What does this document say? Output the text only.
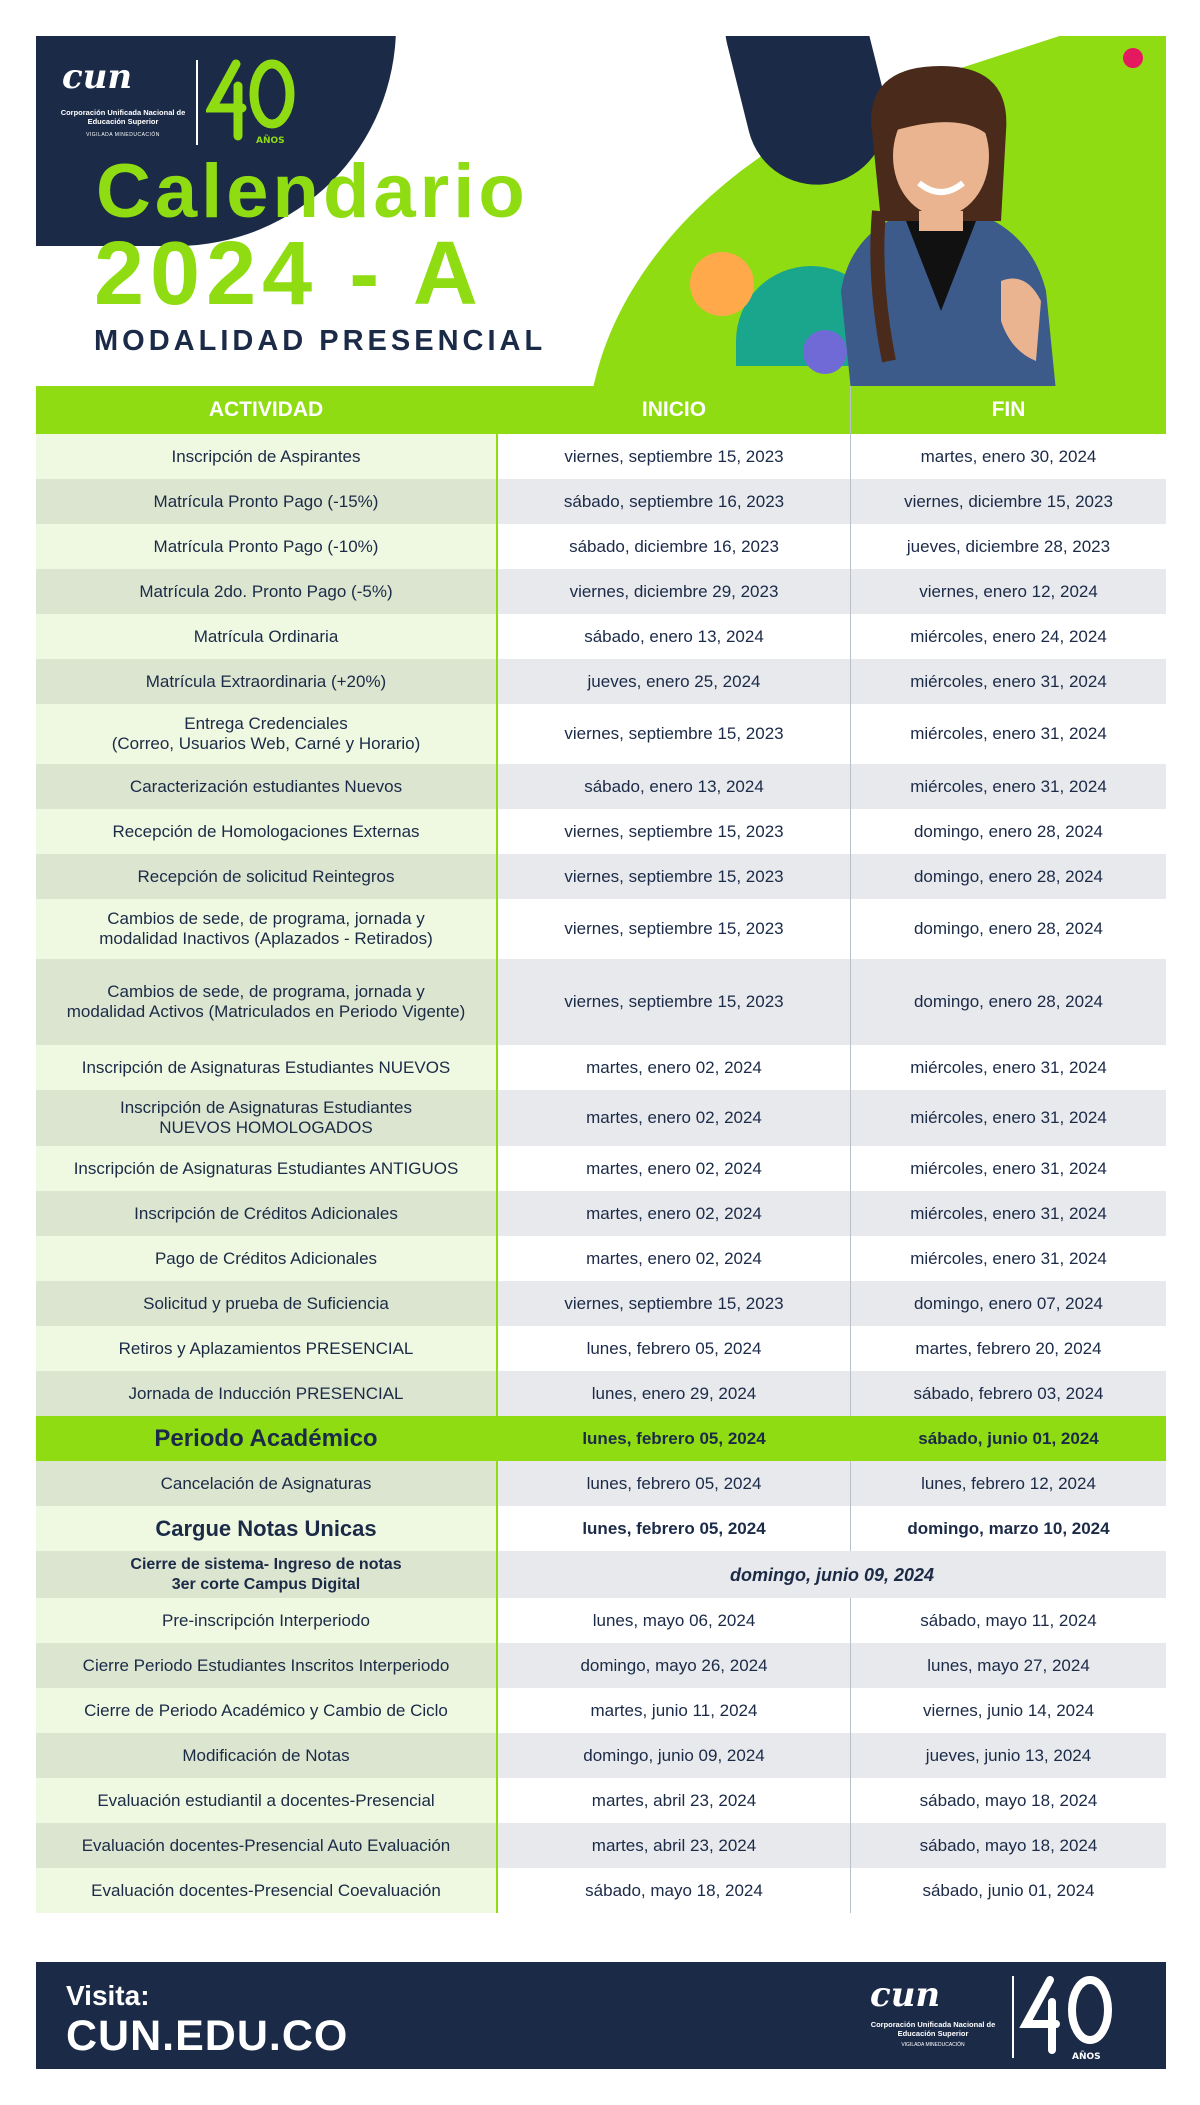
cun
Corporación Unificada Nacional de Educación Superior
VIGILADA MINEDUCACIÓN
AÑOS
Calendario
2024 - A
MODALIDAD PRESENCIAL
ACTIVIDAD	INICIO	FIN
Inscripción de Aspirantes	viernes, septiembre 15, 2023	martes, enero 30, 2024
Matrícula Pronto Pago (-15%)	sábado, septiembre 16, 2023	viernes, diciembre 15, 2023
Matrícula Pronto Pago (-10%)	sábado, diciembre 16, 2023	jueves, diciembre 28, 2023
Matrícula 2do. Pronto Pago (-5%)	viernes, diciembre 29, 2023	viernes, enero 12, 2024
Matrícula Ordinaria	sábado, enero 13, 2024	miércoles, enero 24, 2024
Matrícula Extraordinaria (+20%)	jueves, enero 25, 2024	miércoles, enero 31, 2024
Entrega Credenciales
(Correo, Usuarios Web, Carné y Horario)
viernes, septiembre 15, 2023	miércoles, enero 31, 2024
Caracterización estudiantes Nuevos	sábado, enero 13, 2024	miércoles, enero 31, 2024
Recepción de Homologaciones Externas	viernes, septiembre 15, 2023	domingo, enero 28, 2024
Recepción de solicitud Reintegros	viernes, septiembre 15, 2023	domingo, enero 28, 2024
Cambios de sede, de programa, jornada y
modalidad Inactivos (Aplazados - Retirados)
viernes, septiembre 15, 2023	domingo, enero 28, 2024
Cambios de sede, de programa, jornada y
modalidad Activos (Matriculados en Periodo Vigente)
viernes, septiembre 15, 2023	domingo, enero 28, 2024
Inscripción de Asignaturas Estudiantes NUEVOS	martes, enero 02, 2024	miércoles, enero 31, 2024
Inscripción de Asignaturas Estudiantes
NUEVOS HOMOLOGADOS
martes, enero 02, 2024	miércoles, enero 31, 2024
Inscripción de Asignaturas Estudiantes ANTIGUOS	martes, enero 02, 2024	miércoles, enero 31, 2024
Inscripción de Créditos Adicionales	martes, enero 02, 2024	miércoles, enero 31, 2024
Pago de Créditos Adicionales	martes, enero 02, 2024	miércoles, enero 31, 2024
Solicitud y prueba de Suficiencia	viernes, septiembre 15, 2023	domingo, enero 07, 2024
Retiros y Aplazamientos PRESENCIAL	lunes, febrero 05, 2024	martes, febrero 20, 2024
Jornada de Inducción PRESENCIAL	lunes, enero 29, 2024	sábado, febrero 03, 2024
Periodo Académico	lunes, febrero 05, 2024	sábado, junio 01, 2024
Cancelación de Asignaturas	lunes, febrero 05, 2024	lunes, febrero 12, 2024
Cargue Notas Unicas	lunes, febrero 05, 2024	domingo, marzo 10, 2024
Cierre de sistema- Ingreso de notas
3er corte Campus Digital	domingo, junio 09, 2024
Pre-inscripción Interperiodo	lunes, mayo 06, 2024	sábado, mayo 11, 2024
Cierre Periodo Estudiantes Inscritos Interperiodo	domingo, mayo 26, 2024	lunes, mayo 27, 2024
Cierre de Periodo Académico y Cambio de Ciclo	martes, junio 11, 2024	viernes, junio 14, 2024
Modificación de Notas	domingo, junio 09, 2024	jueves, junio 13, 2024
Evaluación estudiantil a docentes-Presencial	martes, abril 23, 2024	sábado, mayo 18, 2024
Evaluación docentes-Presencial Auto Evaluación	martes, abril 23, 2024	sábado, mayo 18, 2024
Evaluación docentes-Presencial Coevaluación	sábado, mayo 18, 2024	sábado, junio 01, 2024
Visita:
CUN.EDU.CO
cun
Corporación Unificada Nacional de Educación Superior
VIGILADA MINEDUCACIÓN
AÑOS
